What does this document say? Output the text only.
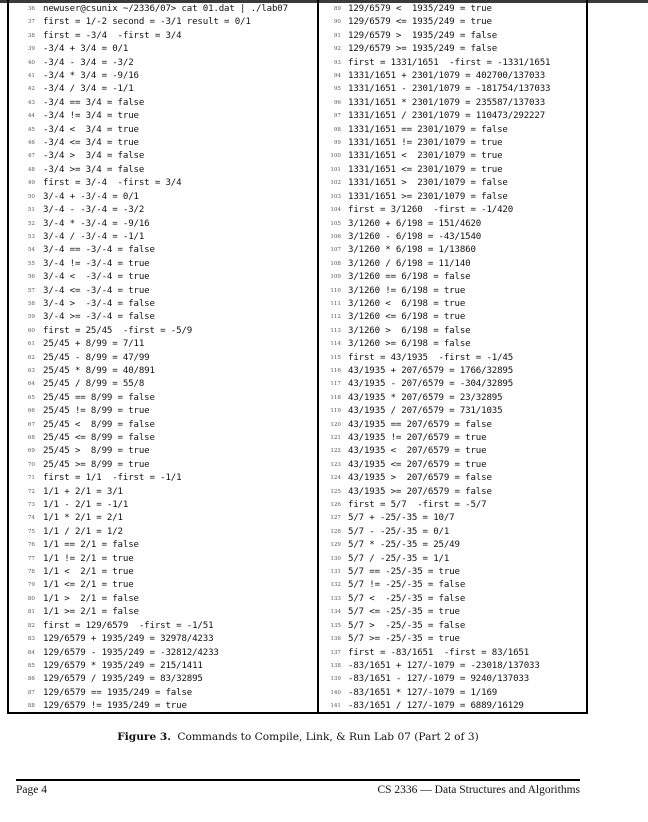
36 newuser@csunix ~/2336/07> cat 01.dat | ./lab07
37 first = 1/-2 second = -3/1 result = 0/1
38 first = -3/4  -first = 3/4
39 -3/4 + 3/4 = 0/1
40 -3/4 - 3/4 = -3/2
41 -3/4 * 3/4 = -9/16
42 -3/4 / 3/4 = -1/1
43 -3/4 == 3/4 = false
44 -3/4 != 3/4 = true
45 -3/4 <  3/4 = true
46 -3/4 <= 3/4 = true
47 -3/4 >  3/4 = false
48 -3/4 >= 3/4 = false
49 first = 3/-4  -first = 3/4
50 3/-4 + -3/-4 = 0/1
51 3/-4 - -3/-4 = -3/2
52 3/-4 * -3/-4 = -9/16
53 3/-4 / -3/-4 = -1/1
54 3/-4 == -3/-4 = false
55 3/-4 != -3/-4 = true
56 3/-4 <  -3/-4 = true
57 3/-4 <= -3/-4 = true
58 3/-4 >  -3/-4 = false
59 3/-4 >= -3/-4 = false
60 first = 25/45  -first = -5/9
61 25/45 + 8/99 = 7/11
62 25/45 - 8/99 = 47/99
63 25/45 * 8/99 = 40/891
64 25/45 / 8/99 = 55/8
65 25/45 == 8/99 = false
66 25/45 != 8/99 = true
67 25/45 <  8/99 = false
68 25/45 <= 8/99 = false
69 25/45 >  8/99 = true
70 25/45 >= 8/99 = true
71 first = 1/1  -first = -1/1
72 1/1 + 2/1 = 3/1
73 1/1 - 2/1 = -1/1
74 1/1 * 2/1 = 2/1
75 1/1 / 2/1 = 1/2
76 1/1 == 2/1 = false
77 1/1 != 2/1 = true
78 1/1 <  2/1 = true
79 1/1 <= 2/1 = true
80 1/1 >  2/1 = false
81 1/1 >= 2/1 = false
82 first = 129/6579  -first = -1/51
83 129/6579 + 1935/249 = 32978/4233
84 129/6579 - 1935/249 = -32812/4233
85 129/6579 * 1935/249 = 215/1411
86 129/6579 / 1935/249 = 83/32895
87 129/6579 == 1935/249 = false
88 129/6579 != 1935/249 = true
89 129/6579 <  1935/249 = true
90 129/6579 <= 1935/249 = true
91 129/6579 >  1935/249 = false
92 129/6579 >= 1935/249 = false
93 first = 1331/1651  -first = -1331/1651
94 1331/1651 + 2301/1079 = 402700/137033
95 1331/1651 - 2301/1079 = -181754/137033
96 1331/1651 * 2301/1079 = 235587/137033
97 1331/1651 / 2301/1079 = 110473/292227
98 1331/1651 == 2301/1079 = false
99 1331/1651 != 2301/1079 = true
100 1331/1651 <  2301/1079 = true
101 1331/1651 <= 2301/1079 = true
102 1331/1651 >  2301/1079 = false
103 1331/1651 >= 2301/1079 = false
104 first = 3/1260  -first = -1/420
105 3/1260 + 6/198 = 151/4620
106 3/1260 - 6/198 = -43/1540
107 3/1260 * 6/198 = 1/13860
108 3/1260 / 6/198 = 11/140
109 3/1260 == 6/198 = false
110 3/1260 != 6/198 = true
111 3/1260 <  6/198 = true
112 3/1260 <= 6/198 = true
113 3/1260 >  6/198 = false
114 3/1260 >= 6/198 = false
115 first = 43/1935  -first = -1/45
116 43/1935 + 207/6579 = 1766/32895
117 43/1935 - 207/6579 = -304/32895
118 43/1935 * 207/6579 = 23/32895
119 43/1935 / 207/6579 = 731/1035
120 43/1935 == 207/6579 = false
121 43/1935 != 207/6579 = true
122 43/1935 <  207/6579 = true
123 43/1935 <= 207/6579 = true
124 43/1935 >  207/6579 = false
125 43/1935 >= 207/6579 = false
126 first = 5/7  -first = -5/7
127 5/7 + -25/-35 = 10/7
128 5/7 - -25/-35 = 0/1
129 5/7 * -25/-35 = 25/49
130 5/7 / -25/-35 = 1/1
131 5/7 == -25/-35 = true
132 5/7 != -25/-35 = false
133 5/7 <  -25/-35 = false
134 5/7 <= -25/-35 = true
135 5/7 >  -25/-35 = false
136 5/7 >= -25/-35 = true
137 first = -83/1651  -first = 83/1651
138 -83/1651 + 127/-1079 = -23018/137033
139 -83/1651 - 127/-1079 = 9240/137033
140 -83/1651 * 127/-1079 = 1/169
141 -83/1651 / 127/-1079 = 6889/16129
Figure 3. Commands to Compile, Link, & Run Lab 07 (Part 2 of 3)
Page 4	CS 2336 — Data Structures and Algorithms
